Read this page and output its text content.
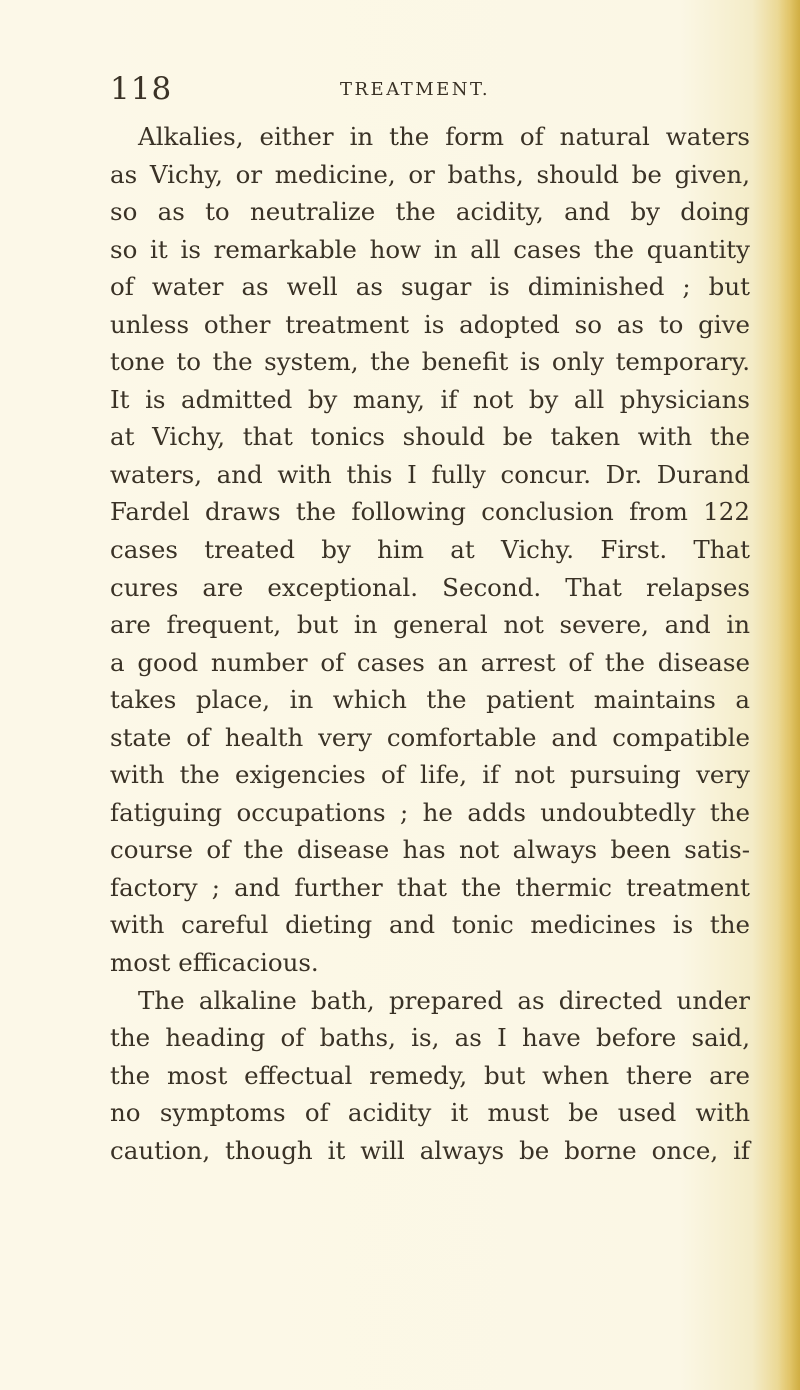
118	TREATMENT.
Alkalies, either in the form of natural waters
as Vichy, or medicine, or baths, should be given,
so as to neutralize the acidity, and by doing
so it is remarkable how in all cases the quantity
of water as well as sugar is diminished ; but
unless other treatment is adopted so as to give
tone to the system, the benefit is only temporary.
It is admitted by many, if not by all physicians
at Vichy, that tonics should be taken with the
waters, and with this I fully concur. Dr. Durand
Fardel draws the following conclusion from 122
cases treated by him at Vichy. First. That
cures are exceptional. Second. That relapses
are frequent, but in general not severe, and in
a good number of cases an arrest of the disease
takes place, in which the patient maintains a
state of health very comfortable and compatible
with the exigencies of life, if not pursuing very
fatiguing occupations ; he adds undoubtedly the
course of the disease has not always been satis-
factory ; and further that the thermic treatment
with careful dieting and tonic medicines is the
most efficacious.
The alkaline bath, prepared as directed under
the heading of baths, is, as I have before said,
the most effectual remedy, but when there are
no symptoms of acidity it must be used with
caution, though it will always be borne once, if
